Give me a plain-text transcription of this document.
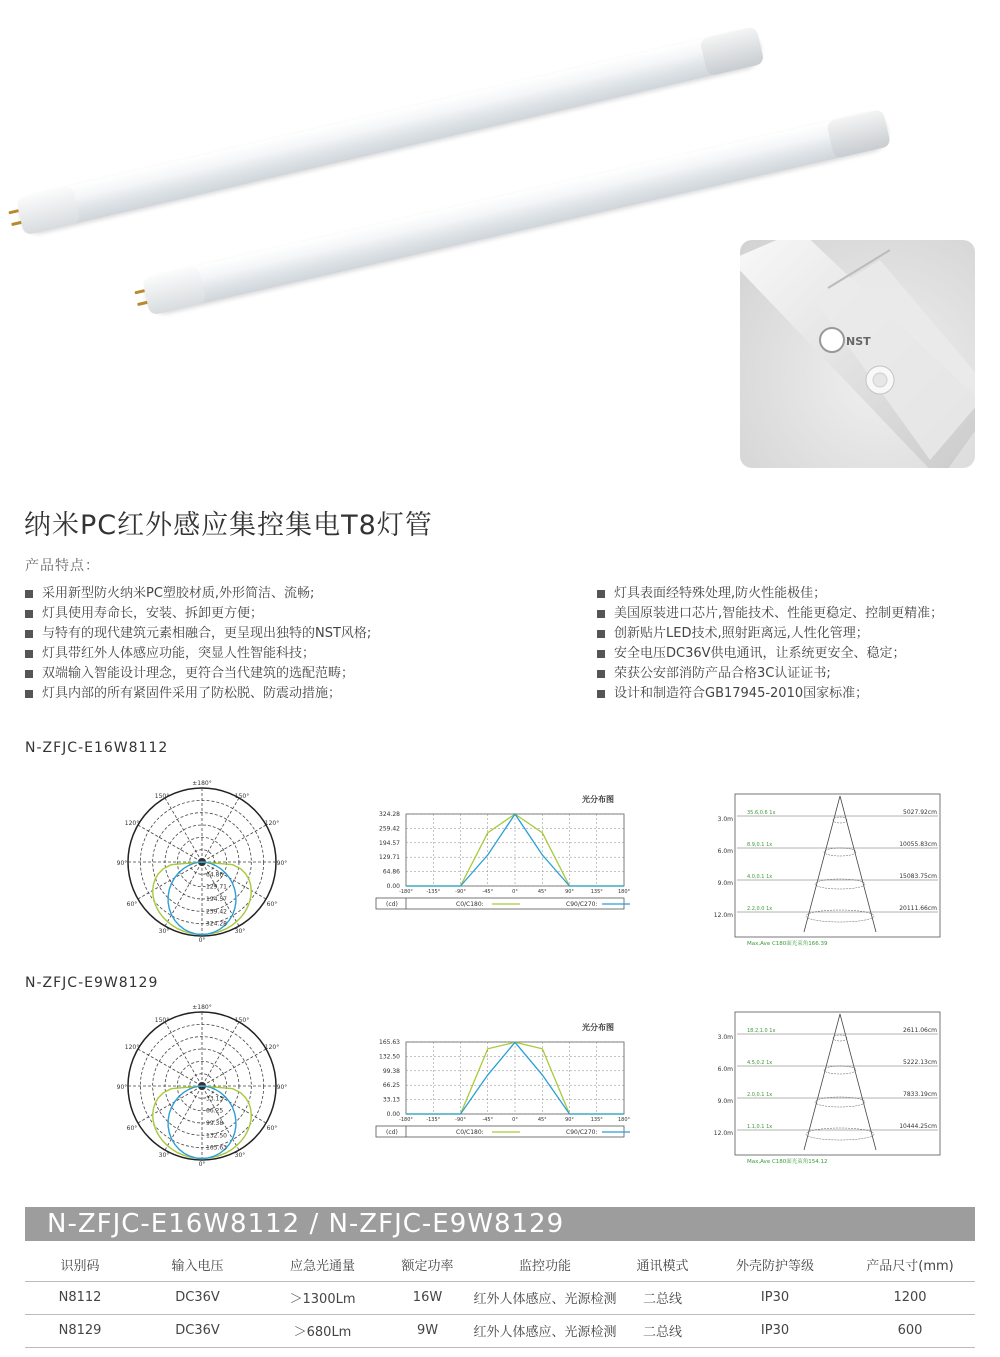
NST
纳米PC红外感应集控集电T8灯管
产品特点：
采用新型防火纳米PC塑胶材质,外形简洁、流畅;
灯具使用寿命长，安装、拆卸更方便；
与特有的现代建筑元素相融合，更呈现出独特的NST风格;
灯具带红外人体感应功能，突显人性智能科技；
双端输入智能设计理念，更符合当代建筑的选配范畴；
灯具内部的所有紧固件采用了防松脱、防震动措施；
灯具表面经特殊处理,防火性能极佳；
美国原装进口芯片,智能技术、性能更稳定、控制更精准；
创新贴片LED技术,照射距离远,人性化管理；
安全电压DC36V供电通讯，让系统更安全、稳定；
荣获公安部消防产品合格3C认证证书;
设计和制造符合GB17945-2010国家标准；
N-ZFJC-E16W8112
±180°
150°	150°
120°	120°
90°	90°
60°	60°
30°	30°
0°
64.86
129.71
194.57
259.42
324.28
光分布图
-180°	-135°	-90°	-45°	0°	45°	90°	135°	180°
324.28
259.42
194.57
129.71
64.86
0.00
(cd)	C0/C180:	C90/C270:
3.0m
35.6,0.6 1x	5027.92cm
6.0m
8.9,0.1 1x	10055.83cm
9.0m
4.0,0.1 1x	15083.75cm
12.0m
2.2,0.0 1x	20111.66cm
Max,Ave C180面光束角166.39
N-ZFJC-E9W8129
±180°
150°	150°
120°	120°
90°	90°
60°	60°
30°	30°
0°
33.13
66.25
99.38
132.50
165.63
光分布图
-180°	-135°	-90°	-45°	0°	45°	90°	135°	180°
165.63
132.50
99.38
66.25
33.13
0.00
(cd)	C0/C180:	C90/C270:
3.0m
18.2,1.0 1x	2611.06cm
6.0m
4.5,0.2 1x	5222.13cm
9.0m
2.0,0.1 1x	7833.19cm
12.0m
1.1,0.1 1x	10444.25cm
Max,Ave C180面光束角154.12
N-ZFJC-E16W8112 / N-ZFJC-E9W8129
识别码	输入电压	应急光通量	额定功率	监控功能	通讯模式	外壳防护等级	产品尺寸(mm)
N8112	DC36V	＞1300Lm	16W	红外人体感应、光源检测	二总线	IP30	1200
N8129	DC36V	＞680Lm	9W	红外人体感应、光源检测	二总线	IP30	600
